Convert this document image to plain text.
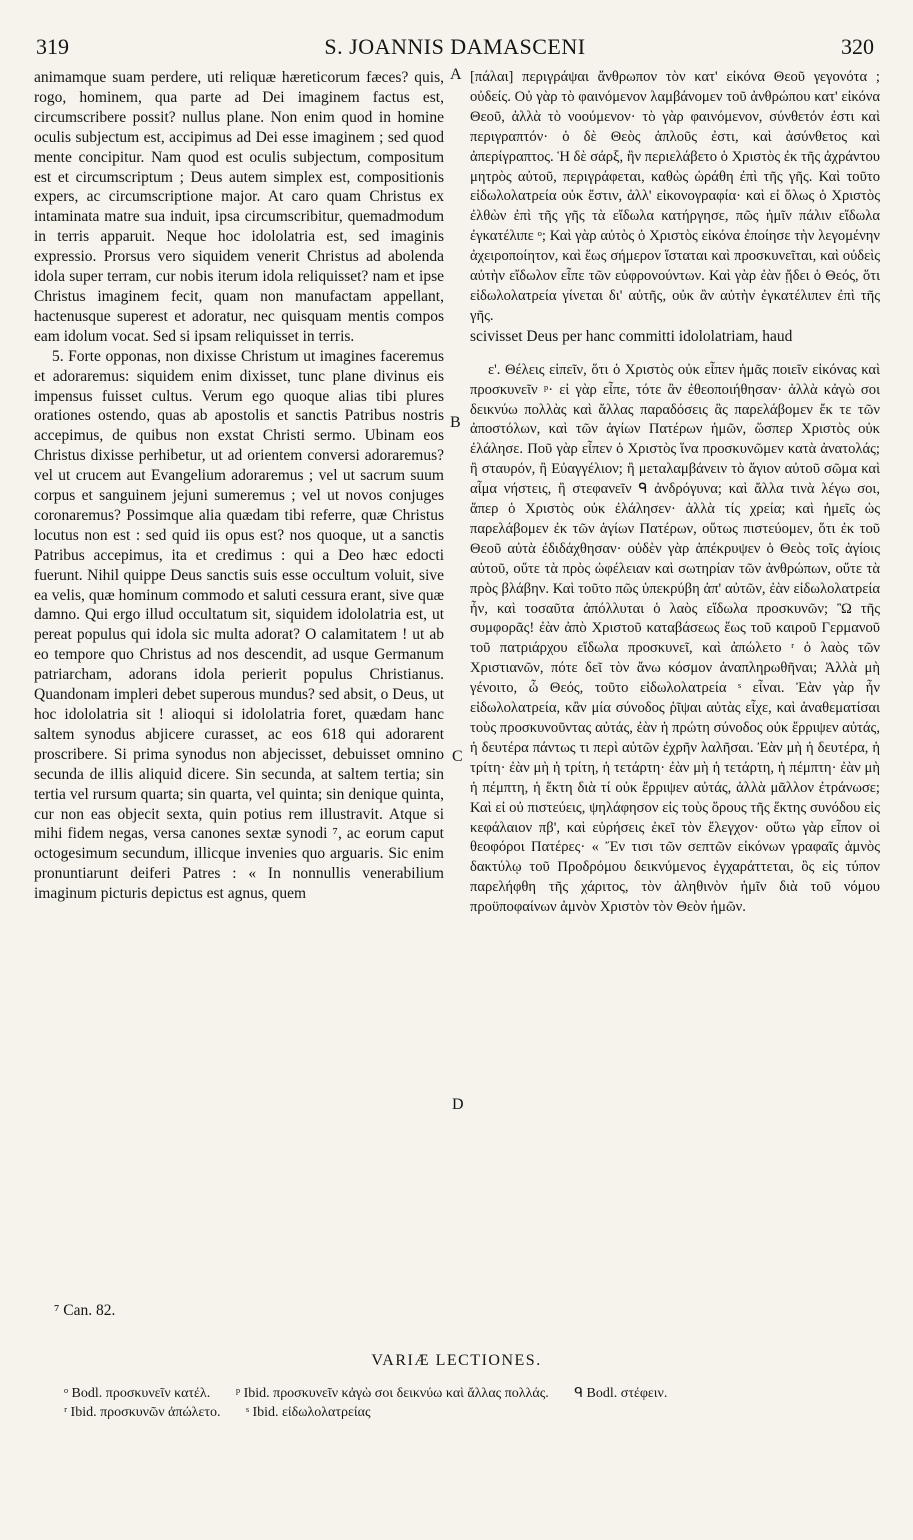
319	S. JOANNIS DAMASCENI	320

animamque suam perdere, uti reliquæ hæreticorum fæces? quis, rogo, hominem, qua parte ad Dei imaginem factus est, circumscribere possit? nullus plane. Non enim quod in homine oculis subjectum est, accipimus ad Dei esse imaginem ; sed quod mente concipitur. Nam quod est oculis subjectum, compositum est et circumscriptum ; Deus autem simplex est, compositionis expers, ac circumscriptione major. At caro quam Christus ex intaminata matre sua induit, ipsa circumscribitur, quemadmodum in terris apparuit. Neque hoc idololatria est, sed imaginis expressio. Prorsus vero siquidem venerit Christus ad abolenda idola super terram, cur nobis iterum idola reliquisset? nam et ipse Christus imaginem fecit, quam non manufactam appellant, hactenusque superest et adoratur, nec quisquam mentis compos eam idolum vocat. Sed si ipsam reliquisset in terris.

5. Forte opponas, non dixisse Christum ut imagines faceremus et adoraremus: siquidem enim dixisset, tunc plane divinus eis impensus fuisset cultus. Verum ego quoque alias tibi plures orationes ostendo, quas ab apostolis et sanctis Patribus nostris accepimus, de quibus non exstat Christi sermo. Ubinam eos Christus dixisse perhibetur, ut ad orientem conversi adoraremus? vel ut crucem aut Evangelium adoraremus ; vel ut sacrum suum corpus et sanguinem jejuni sumeremus ; vel ut novos conjuges coronaremus? Possimque alia quædam tibi referre, quæ Christus locutus non est : sed quid iis opus est? nos quoque, ut a sanctis Patribus accepimus, ita et credimus : qui a Deo hæc edocti fuerunt. Nihil quippe Deus sanctis suis esse occultum voluit, sive ea velis, quæ hominum commodo et saluti cessura erant, sive quæ damno. Qui ergo illud occultatum sit, siquidem idololatria est, ut pereat populus qui idola sic multa adorat? O calamitatem ! ut ab eo tempore quo Christus ad nos descendit, ad usque Germanum patriarcham, adorans idola perierit populus Christianus. Quandonam impleri debet superous mundus? sed absit, o Deus, ut hoc idololatria sit ! alioqui si idololatria foret, quædam hanc saltem synodus abjicere curasset, ac eos 618 qui adorarent proscribere. Si prima synodus non abjecisset, debuisset omnino secunda de illis aliquid dicere. Sin secunda, at saltem tertia; sin tertia vel rursum quarta; sin quarta, vel quinta; sin denique quinta, cur non eas objecit sexta, quin potius rem illustravit. Atque si mihi fidem negas, versa canones sextæ synodi ⁷, ac eorum caput octogesimum secundum, illicque invenies quo arguaris. Sic enim pronuntiarunt deiferi Patres : « In nonnullis venerabilium imaginum picturis depictus est agnus, quem

[πάλαι] περιγράψαι ἄνθρωπον τὸν κατ' εἰκόνα Θεοῦ γεγονότα ; οὐδείς. Οὐ γὰρ τὸ φαινόμενον λαμβάνομεν τοῦ ἀνθρώπου κατ' εἰκόνα Θεοῦ, ἀλλὰ τὸ νοούμενον· τὸ γὰρ φαινόμενον, σύνθετόν ἐστι καὶ περιγραπτόν· ὁ δὲ Θεὸς ἁπλοῦς ἐστι, καὶ ἀσύνθετος καὶ ἀπερίγραπτος. Ἡ δὲ σάρξ, ἣν περιελάβετο ὁ Χριστὸς ἐκ τῆς ἀχράντου μητρὸς αὐτοῦ, περιγράφεται, καθὼς ὡράθη ἐπὶ τῆς γῆς. Καὶ τοῦτο εἰδωλολατρεία οὐκ ἔστιν, ἀλλ' εἰκονογραφία· καὶ εἰ ὅλως ὁ Χριστὸς ἐλθὼν ἐπὶ τῆς γῆς τὰ εἴδωλα κατήργησε, πῶς ἡμῖν πάλιν εἴδωλα ἐγκατέλιπε ᵒ; Καὶ γὰρ αὐτὸς ὁ Χριστὸς εἰκόνα ἐποίησε τὴν λεγομένην ἀχειροποίητον, καὶ ἕως σήμερον ἵσταται καὶ προσκυνεῖται, καὶ οὐδεὶς αὐτὴν εἴδωλον εἶπε τῶν εὐφρονούντων. Καὶ γὰρ ἐὰν ᾔδει ὁ Θεός, ὅτι εἰδωλολατρεία γίνεται δι' αὐτῆς, οὐκ ἂν αὐτὴν ἐγκατέλιπεν ἐπὶ τῆς γῆς.

scivisset Deus per hanc committi idololatriam, haud

ε'. Θέλεις εἰπεῖν, ὅτι ὁ Χριστὸς οὐκ εἶπεν ἡμᾶς ποιεῖν εἰκόνας καὶ προσκυνεῖν ᵖ· εἰ γὰρ εἶπε, τότε ἂν ἐθεοποιήθησαν· ἀλλὰ κἀγὼ σοι δεικνύω πολλὰς καὶ ἄλλας παραδόσεις ἃς παρελάβομεν ἔκ τε τῶν ἀποστόλων, καὶ τῶν ἁγίων Πατέρων ἡμῶν, ὥσπερ Χριστὸς οὐκ ἐλάλησε. Ποῦ γὰρ εἶπεν ὁ Χριστὸς ἵνα προσκυνῶμεν κατὰ ἀνατολάς; ἢ σταυρόν, ἢ Εὐαγγέλιον; ἢ μεταλαμβάνειν τὸ ἅγιον αὐτοῦ σῶμα καὶ αἷμα νήστεις, ἢ στεφανεῖν ᑫ ἀνδρόγυνα; καὶ ἄλλα τινὰ λέγω σοι, ἅπερ ὁ Χριστὸς οὐκ ἐλάλησεν· ἀλλὰ τίς χρεία; καὶ ἡμεῖς ὡς παρελάβομεν ἐκ τῶν ἁγίων Πατέρων, οὕτως πιστεύομεν, ὅτι ἐκ τοῦ Θεοῦ αὐτὰ ἐδιδάχθησαν· οὐδὲν γὰρ ἀπέκρυψεν ὁ Θεὸς τοῖς ἁγίοις αὐτοῦ, οὔτε τὰ πρὸς ὠφέλειαν καὶ σωτηρίαν τῶν ἀνθρώπων, οὔτε τὰ πρὸς βλάβην. Καὶ τοῦτο πῶς ὑπεκρύβη ἀπ' αὐτῶν, ἐὰν εἰδωλολατρεία ἦν, καὶ τοσαῦτα ἀπόλλυται ὁ λαὸς εἴδωλα προσκυνῶν; Ὢ τῆς συμφορᾶς! ἐὰν ἀπὸ Χριστοῦ καταβάσεως ἕως τοῦ καιροῦ Γερμανοῦ τοῦ πατριάρχου εἴδωλα προσκυνεῖ, καὶ ἀπώλετο ʳ ὁ λαὸς τῶν Χριστιανῶν, πότε δεῖ τὸν ἄνω κόσμον ἀναπληρωθῆναι; Ἀλλὰ μὴ γένοιτο, ὦ Θεός, τοῦτο εἰδωλολατρεία ˢ εἶναι. Ἐὰν γὰρ ἦν εἰδωλολατρεία, κἂν μία σύνοδος ῥῖψαι αὐτὰς εἶχε, καὶ ἀναθεματίσαι τοὺς προσκυνοῦντας αὐτάς, ἐὰν ἡ πρώτη σύνοδος οὐκ ἔρριψεν αὐτάς, ἡ δευτέρα πάντως τι περὶ αὐτῶν ἐχρῆν λαλῆσαι. Ἐὰν μὴ ἡ δευτέρα, ἡ τρίτη· ἐὰν μὴ ἡ τρίτη, ἡ τετάρτη· ἐὰν μὴ ἡ τετάρτη, ἡ πέμπτη· ἐὰν μὴ ἡ πέμπτη, ἡ ἕκτη διὰ τί οὐκ ἔρριψεν αὐτάς, ἀλλὰ μᾶλλον ἐτράνωσε; Καὶ εἰ οὐ πιστεύεις, ψηλάφησον εἰς τοὺς ὅρους τῆς ἕκτης συνόδου εἰς κεφάλαιον πβ', καὶ εὑρήσεις ἐκεῖ τὸν ἔλεγχον· οὕτω γὰρ εἶπον οἱ θεοφόροι Πατέρες· « Ἔν τισι τῶν σεπτῶν εἰκόνων γραφαῖς ἀμνὸς δακτύλῳ τοῦ Προδρόμου δεικνύμενος ἐγχαράττεται, ὃς εἰς τύπον παρελήφθη τῆς χάριτος, τὸν ἀληθινὸν ἡμῖν διὰ τοῦ νόμου προϋποφαίνων ἀμνὸν Χριστὸν τὸν Θεὸν ἡμῶν.

A
B
C
D
⁷ Can. 82.
VARIÆ LECTIONES.
ᵒ Bodl. προσκυνεῖν κατέλ. ᵖ Ibid. προσκυνεῖν κἀγὼ σοι δεικνύω καὶ ἄλλας πολλάς. ᑫ Bodl. στέφειν.
ʳ Ibid. προσκυνῶν ἀπώλετο. ˢ Ibid. εἰδωλολατρείας
